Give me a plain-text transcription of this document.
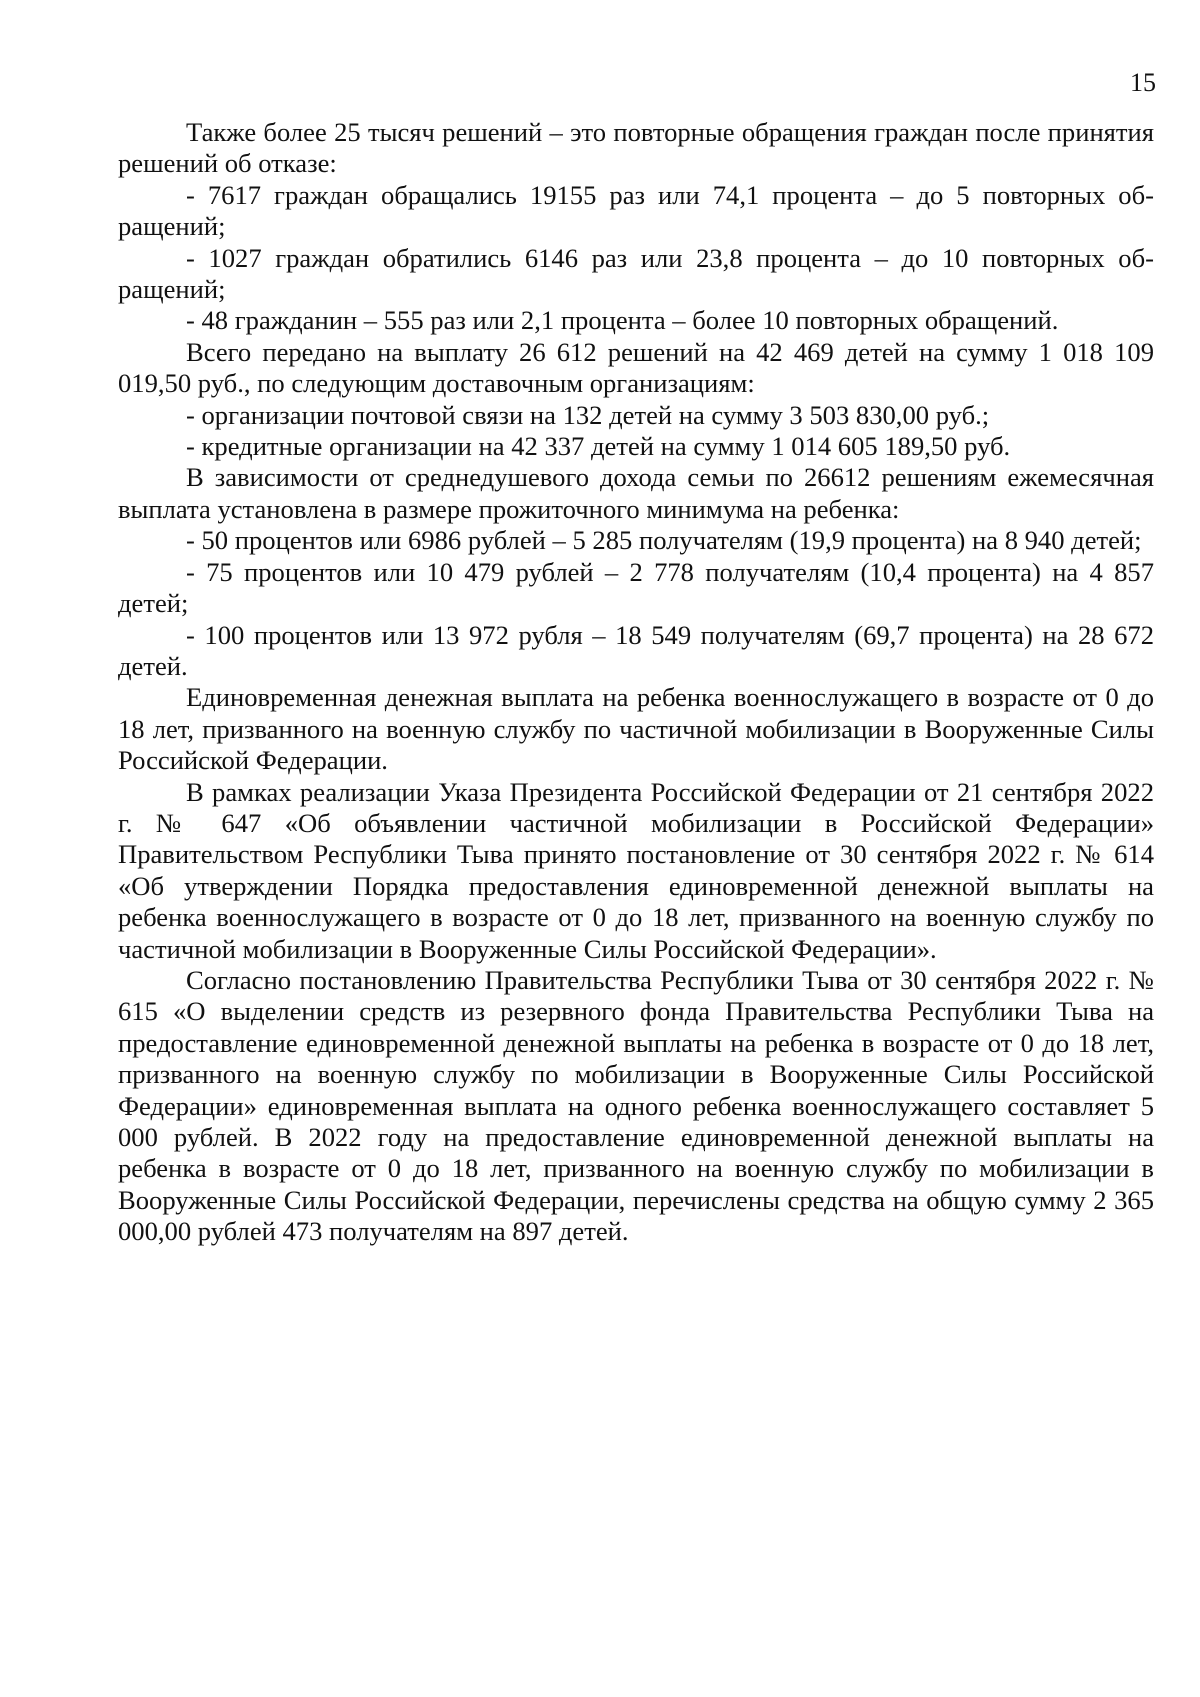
15

Также более 25 тысяч решений – это повторные обращения граждан после принятия решений об отказе:

- 7617 граждан обращались 19155 раз или 74,1 процента – до 5 повторных обращений;

- 1027 граждан обратились 6146 раз или 23,8 процента – до 10 повторных обращений;

- 48 гражданин – 555 раз или 2,1 процента – более 10 повторных обращений.

Всего передано на выплату 26 612 решений на 42 469 детей на сумму 1 018 109 019,50 руб., по следующим доставочным организациям:

- организации почтовой связи на 132 детей на сумму 3 503 830,00 руб.;

- кредитные организации на 42 337 детей на сумму 1 014 605 189,50 руб.

В зависимости от среднедушевого дохода семьи по 26612 решениям ежемесячная выплата установлена в размере прожиточного минимума на ребенка:

- 50 процентов или 6986 рублей – 5 285 получателям (19,9 процента) на 8 940 детей;

- 75 процентов или 10 479 рублей – 2 778 получателям (10,4 процента) на 4 857 детей;

- 100 процентов или 13 972 рубля – 18 549 получателям (69,7 процента) на 28 672 детей.

Единовременная денежная выплата на ребенка военнослужащего в возрасте от 0 до 18 лет, призванного на военную службу по частичной мобилизации в Вооруженные Силы Российской Федерации.

В рамках реализации Указа Президента Российской Федерации от 21 сентября 2022 г. № 647 «Об объявлении частичной мобилизации в Российской Федерации» Правительством Республики Тыва принято постановление от 30 сентября 2022 г. № 614 «Об утверждении Порядка предоставления единовременной денежной выплаты на ребенка военнослужащего в возрасте от 0 до 18 лет, призванного на военную службу по частичной мобилизации в Вооруженные Силы Российской Федерации».

Согласно постановлению Правительства Республики Тыва от 30 сентября 2022 г. № 615 «О выделении средств из резервного фонда Правительства Республики Тыва на предоставление единовременной денежной выплаты на ребенка в возрасте от 0 до 18 лет, призванного на военную службу по мобилизации в Вооруженные Силы Российской Федерации» единовременная выплата на одного ребенка военнослужащего составляет 5 000 рублей. В 2022 году на предоставление единовременной денежной выплаты на ребенка в возрасте от 0 до 18 лет, призванного на военную службу по мобилизации в Вооруженные Силы Российской Федерации, перечислены средства на общую сумму 2 365 000,00 рублей 473 получателям на 897 детей.
